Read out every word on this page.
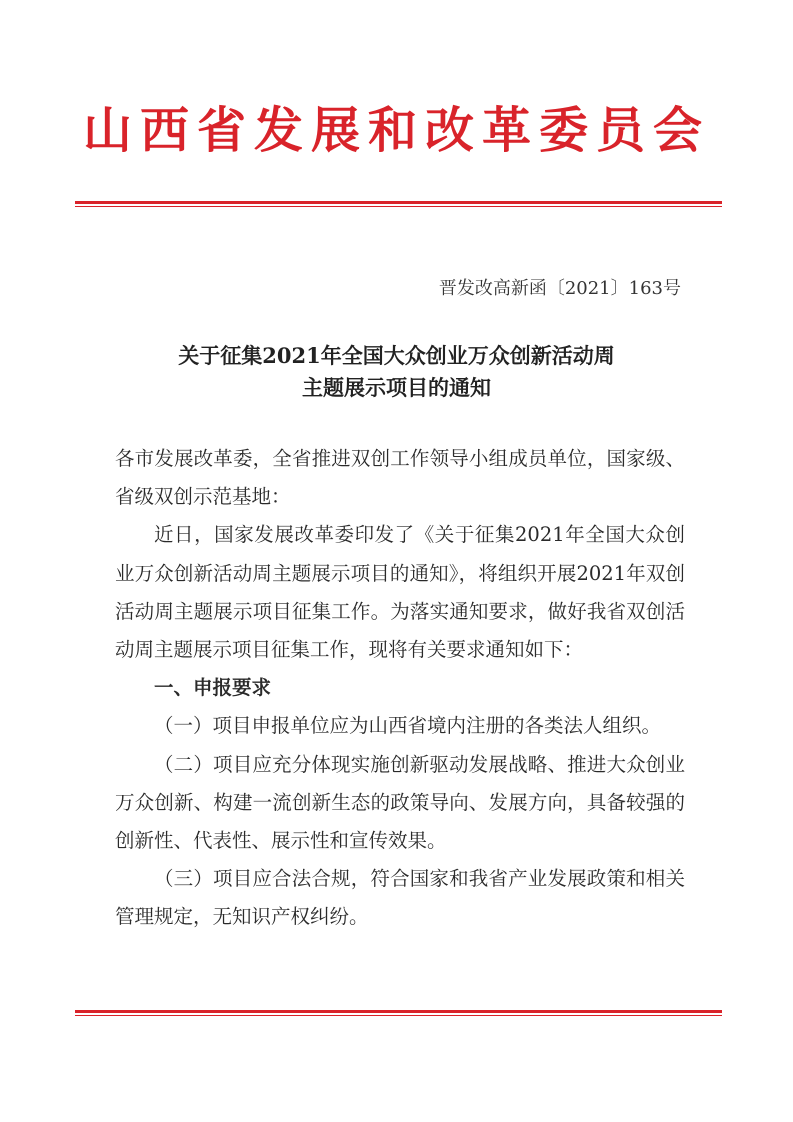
山西省发展和改革委员会
晋发改高新函〔2021〕163号
关于征集2021年全国大众创业万众创新活动周
主题展示项目的通知

各市发展改革委，全省推进双创工作领导小组成员单位，国家级、省级双创示范基地：

近日，国家发展改革委印发了《关于征集2021年全国大众创业万众创新活动周主题展示项目的通知》，将组织开展2021年双创活动周主题展示项目征集工作。为落实通知要求，做好我省双创活动周主题展示项目征集工作，现将有关要求通知如下：

一、申报要求

（一）项目申报单位应为山西省境内注册的各类法人组织。

（二）项目应充分体现实施创新驱动发展战略、推进大众创业万众创新、构建一流创新生态的政策导向、发展方向，具备较强的创新性、代表性、展示性和宣传效果。

（三）项目应合法合规，符合国家和我省产业发展政策和相关管理规定，无知识产权纠纷。
